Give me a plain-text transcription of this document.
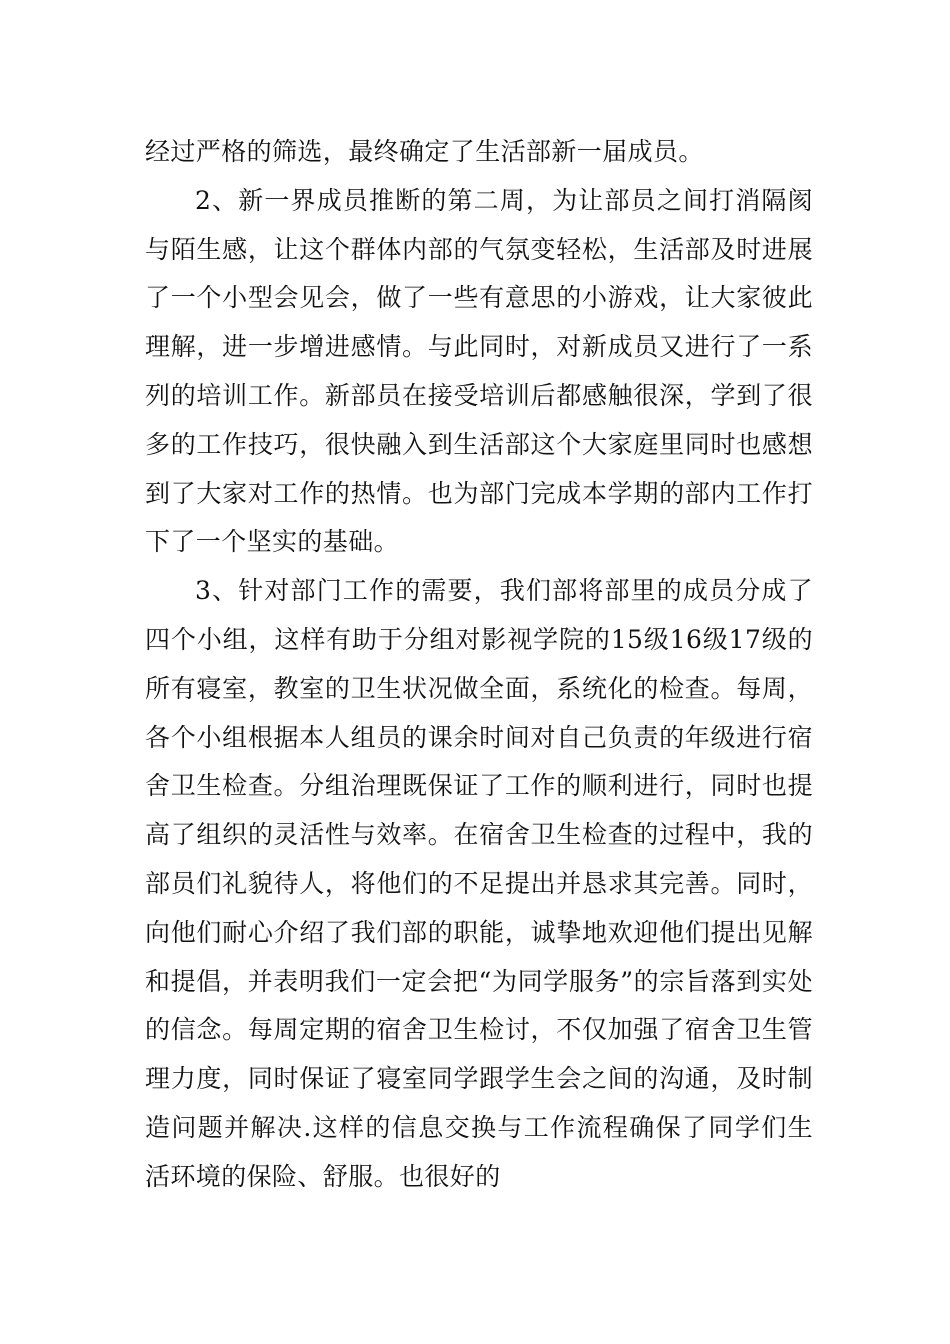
经过严格的筛选，最终确定了生活部新一届成员。

2、新一界成员推断的第二周，为让部员之间打消隔阂与陌生感，让这个群体内部的气氛变轻松，生活部及时进展了一个小型会见会，做了一些有意思的小游戏，让大家彼此理解，进一步增进感情。与此同时，对新成员又进行了一系列的培训工作。新部员在接受培训后都感触很深，学到了很多的工作技巧，很快融入到生活部这个大家庭里同时也感想到了大家对工作的热情。也为部门完成本学期的部内工作打下了一个坚实的基础。

3、针对部门工作的需要，我们部将部里的成员分成了四个小组，这样有助于分组对影视学院的15级16级17级的所有寝室，教室的卫生状况做全面，系统化的检查。每周，各个小组根据本人组员的课余时间对自己负责的年级进行宿舍卫生检查。分组治理既保证了工作的顺利进行，同时也提高了组织的灵活性与效率。在宿舍卫生检查的过程中，我的部员们礼貌待人，将他们的不足提出并恳求其完善。同时，向他们耐心介绍了我们部的职能，诚挚地欢迎他们提出见解和提倡，并表明我们一定会把“为同学服务”的宗旨落到实处的信念。每周定期的宿舍卫生检讨，不仅加强了宿舍卫生管理力度，同时保证了寝室同学跟学生会之间的沟通，及时制造问题并解决.这样的信息交换与工作流程确保了同学们生活环境的保险、舒服。也很好的
